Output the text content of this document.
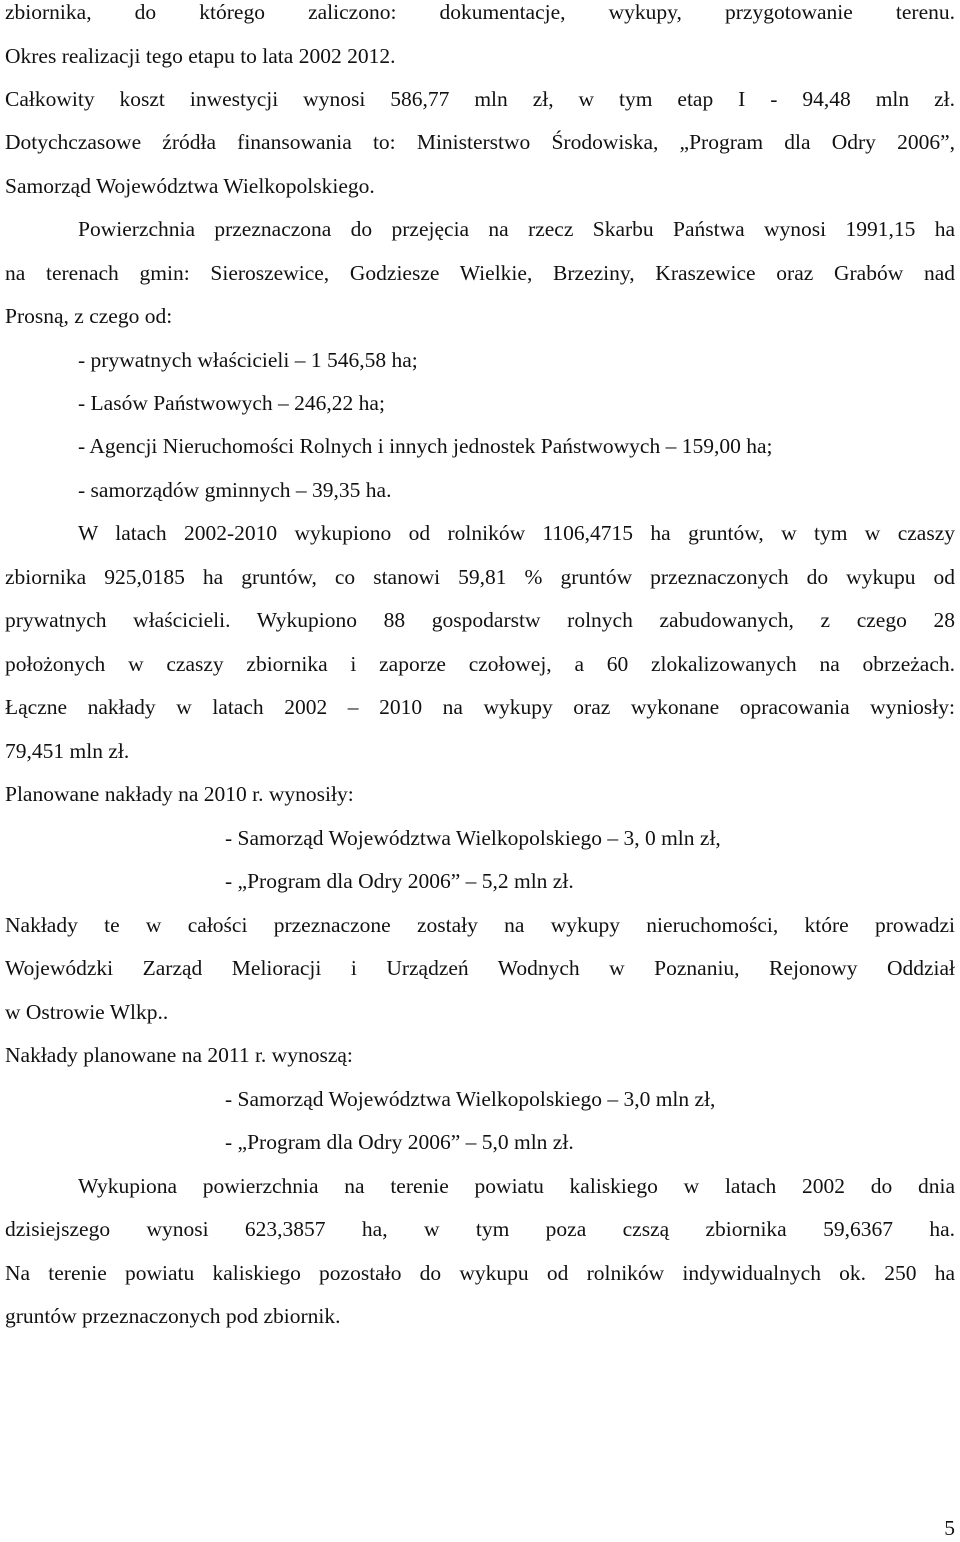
zbiornika, do którego zaliczono: dokumentacje, wykupy, przygotowanie terenu.
Okres realizacji tego etapu to lata 2002 2012.
Całkowity koszt inwestycji wynosi 586,77 mln zł, w tym etap I - 94,48 mln zł.
Dotychczasowe źródła finansowania to: Ministerstwo Środowiska, „Program dla Odry 2006”,
Samorząd Województwa Wielkopolskiego.
Powierzchnia przeznaczona do przejęcia na rzecz Skarbu Państwa wynosi 1991,15 ha
na terenach gmin: Sieroszewice, Godziesze Wielkie, Brzeziny, Kraszewice oraz Grabów nad
Prosną, z czego od:
- prywatnych właścicieli – 1 546,58 ha;
- Lasów Państwowych – 246,22 ha;
- Agencji Nieruchomości Rolnych i innych jednostek Państwowych – 159,00 ha;
- samorządów gminnych – 39,35 ha.
W latach 2002-2010 wykupiono od rolników 1106,4715 ha gruntów, w tym w czaszy
zbiornika 925,0185 ha gruntów, co stanowi 59,81 % gruntów przeznaczonych do wykupu od
prywatnych właścicieli. Wykupiono 88 gospodarstw rolnych zabudowanych, z czego 28
położonych w czaszy zbiornika i zaporze czołowej, a 60 zlokalizowanych na obrzeżach.
Łączne nakłady w latach 2002 – 2010 na wykupy oraz wykonane opracowania wyniosły:
79,451 mln zł.
Planowane nakłady na 2010 r. wynosiły:
- Samorząd Województwa Wielkopolskiego – 3, 0 mln zł,
- „Program dla Odry 2006” – 5,2 mln zł.
Nakłady te w całości przeznaczone zostały na wykupy nieruchomości, które prowadzi
Wojewódzki Zarząd Melioracji i Urządzeń Wodnych w Poznaniu, Rejonowy Oddział
w Ostrowie Wlkp..
Nakłady planowane na 2011 r. wynoszą:
- Samorząd Województwa Wielkopolskiego – 3,0 mln zł,
- „Program dla Odry 2006” – 5,0 mln zł.
Wykupiona powierzchnia na terenie powiatu kaliskiego w latach 2002 do dnia
dzisiejszego wynosi 623,3857 ha, w tym poza czszą zbiornika 59,6367 ha.
Na terenie powiatu kaliskiego pozostało do wykupu od rolników indywidualnych ok. 250 ha
gruntów przeznaczonych pod zbiornik.
5
